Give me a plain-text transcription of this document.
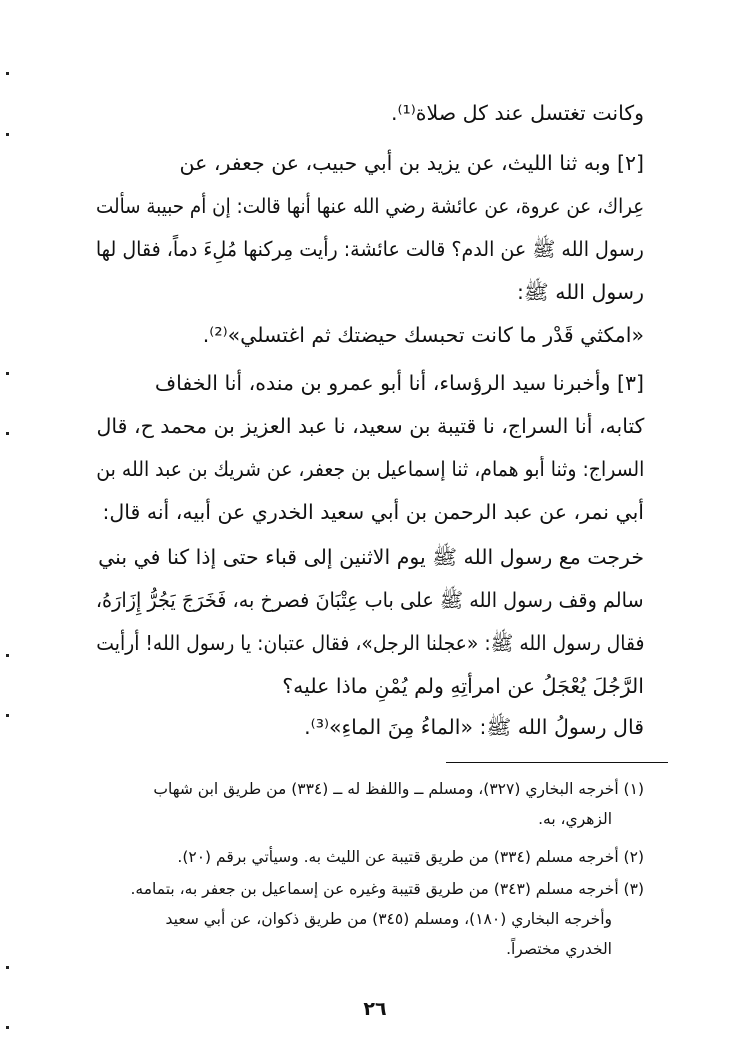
وكانت تغتسل عند كل صلاة⁽¹⁾.
[٢] وبه ثنا الليث، عن يزيد بن أبي حبيب، عن جعفر، عن
عِراك، عن عروة، عن عائشة رضي الله عنها أنها قالت: إن أم حبيبة سألت
رسول الله ﷺ عن الدم؟ قالت عائشة: رأيت مِركنها مُلِءَ دماً، فقال لها
رسول الله ﷺ:
«امكثي قَدْر ما كانت تحبسك حيضتك ثم اغتسلي»⁽²⁾.
[٣] وأخبرنا سيد الرؤساء، أنا أبو عمرو بن منده، أنا الخفاف
كتابه، أنا السراج، نا قتيبة بن سعيد، نا عبد العزيز بن محمد ح، قال
السراج: وثنا أبو همام، ثنا إسماعيل بن جعفر، عن شريك بن عبد الله بن
أبي نمر، عن عبد الرحمن بن أبي سعيد الخدري عن أبيه، أنه قال:
خرجت مع رسول الله ﷺ يوم الاثنين إلى قباء حتى إذا كنا في بني
سالم وقف رسول الله ﷺ على باب عِتْبَانَ فصرخ به، فَخَرَجَ يَجُرُّ إِزَارَهُ،
فقال رسول الله ﷺ: «عجلنا الرجل»، فقال عتبان: يا رسول الله! أرأيت
الرَّجُلَ يُعْجَلُ عن امرأتِهِ ولم يُمْنِ ماذا عليه؟
قال رسولُ الله ﷺ: «الماءُ مِنَ الماءِ»⁽³⁾.
(١) أخرجه البخاري (٣٢٧)، ومسلم ــ واللفظ له ــ (٣٣٤) من طريق ابن شهاب
الزهري، به.
(٢) أخرجه مسلم (٣٣٤) من طريق قتيبة عن الليث به. وسيأتي برقم (٢٠).
(٣) أخرجه مسلم (٣٤٣) من طريق قتيبة وغيره عن إسماعيل بن جعفر به، بتمامه.
وأخرجه البخاري (١٨٠)، ومسلم (٣٤٥) من طريق ذكوان، عن أبي سعيد
الخدري مختصراً.
٢٦
